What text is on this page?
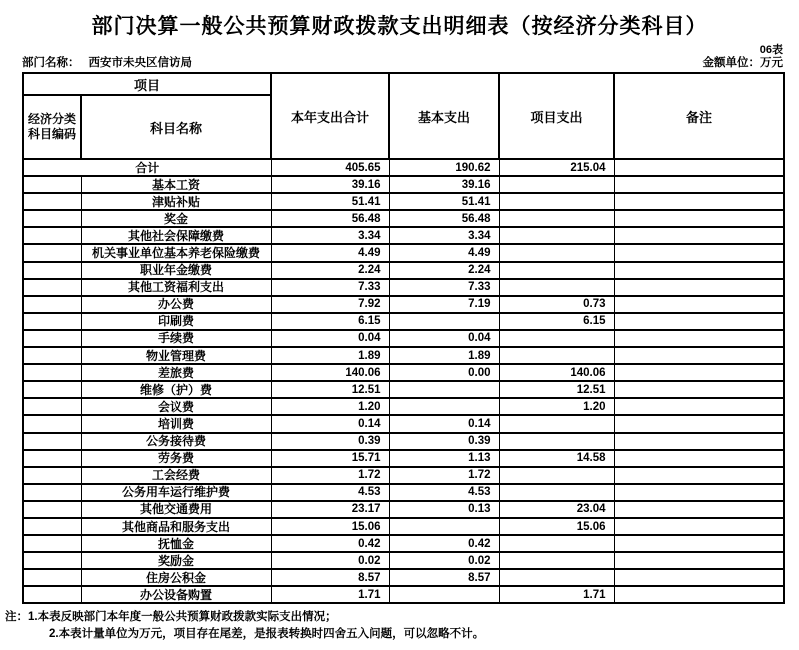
部门决算一般公共预算财政拨款支出明细表（按经济分类科目）
06表
部门名称： 西安市未央区信访局	金额单位：万元
项目		本年支出合计	基本支出	项目支出	备注
经济分类
科目编码	科目名称				
合计		405.65	190.62	215.04	
	基本工资	39.16	39.16		
	津贴补贴	51.41	51.41		
	奖金	56.48	56.48		
	其他社会保障缴费	3.34	3.34		
	机关事业单位基本养老保险缴费	4.49	4.49		
	职业年金缴费	2.24	2.24		
	其他工资福利支出	7.33	7.33		
	办公费	7.92	7.19	0.73	
	印刷费	6.15		6.15	
	手续费	0.04	0.04		
	物业管理费	1.89	1.89		
	差旅费	140.06	0.00	140.06	
	维修（护）费	12.51		12.51	
	会议费	1.20		1.20	
	培训费	0.14	0.14		
	公务接待费	0.39	0.39		
	劳务费	15.71	1.13	14.58	
	工会经费	1.72	1.72		
	公务用车运行维护费	4.53	4.53		
	其他交通费用	23.17	0.13	23.04	
	其他商品和服务支出	15.06		15.06	
	抚恤金	0.42	0.42		
	奖励金	0.02	0.02		
	住房公积金	8.57	8.57		
	办公设备购置	1.71		1.71	
注：1.本表反映部门本年度一般公共预算财政拨款实际支出情况；
2.本表计量单位为万元，项目存在尾差，是报表转换时四舍五入问题，可以忽略不计。
